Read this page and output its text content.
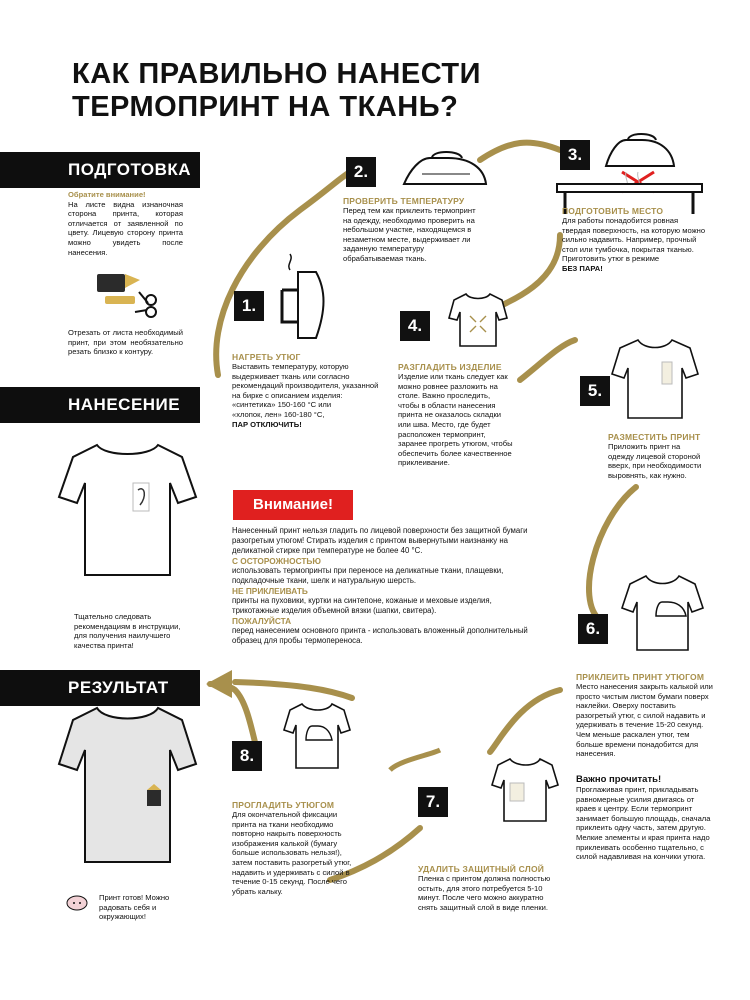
КАК ПРАВИЛЬНО НАНЕСТИ
ТЕРМОПРИНТ НА ТКАНЬ?
ПОДГОТОВКА
НАНЕСЕНИЕ
РЕЗУЛЬТАТ
Обратите внимание!
На листе видна изнаночная сторона принта, которая отличается от заявленной по цвету. Лицевую сторону принта можно увидеть после нанесения.
Отрезать от листа необходимый принт, при этом необязательно резать близко к контуру.
Тщательно следовать рекомендациям в инструкции, для получения наилучшего качества принта!
Принт готов! Можно радовать себя и окружающих!
1.
НАГРЕТЬ УТЮГ
Выставить температуру, которую выдерживает ткань или согласно рекомендаций производителя, указанной на бирке с описанием изделия:
«синтетика» 150-160 °С или
«хлопок, лен» 160-180 °С,
ПАР ОТКЛЮЧИТЬ!
2.
ПРОВЕРИТЬ ТЕМПЕРАТУРУ
Перед тем как приклеить термопринт на одежду, необходимо проверить на небольшом участке, находящемся в незаметном месте, выдерживает ли заданную температуру обрабатываемая ткань.
3.
ПОДГОТОВИТЬ МЕСТО
Для работы понадобится ровная твердая поверхность, на которую можно сильно надавить. Например, прочный стол или тумбочка, покрытая тканью. Приготовить утюг в режиме
БЕЗ ПАРА!
4.
РАЗГЛАДИТЬ ИЗДЕЛИЕ
Изделие или ткань следует как можно ровнее разложить на столе. Важно проследить, чтобы в области нанесения принта не оказалось складки или шва. Место, где будет расположен термопринт, заранее прогреть утюгом, чтобы обеспечить более качественное приклеивание.
5.
РАЗМЕСТИТЬ ПРИНТ
Приложить принт на одежду лицевой стороной вверх, при необходимости выровнять, как нужно.
Внимание!
Нанесенный принт нельзя гладить по лицевой поверхности без защитной бумаги разогретым утюгом! Стирать изделия с принтом вывернутыми наизнанку на деликатной стирке при температуре не более 40 °С.
С ОСТОРОЖНОСТЬЮ
использовать термопринты при переносе на деликатные ткани, плащевки, подкладочные ткани, шелк и натуральную шерсть.
НЕ ПРИКЛЕИВАТЬ
принты на пуховики, куртки на синтепоне, кожаные и меховые изделия, трикотажные изделия объемной вязки (шапки, свитера).
ПОЖАЛУЙСТА
перед нанесением основного принта - использовать вложенный дополнительный образец для пробы термопереноса.
6.
ПРИКЛЕИТЬ ПРИНТ УТЮГОМ
Место нанесения закрыть калькой или просто чистым листом бумаги поверх наклейки. Оверху поставить разогретый утюг, с силой надавить и удерживать в течение 15-20 секунд. Чем меньше раскален утюг, тем больше времени понадобится для нанесения.
Важно прочитать!
Проглаживая принт, прикладывать равномерные усилия двигаясь от краев к центру. Если термопринт занимает большую площадь, сначала приклеить одну часть, затем другую. Мелкие элементы и края принта надо приклеивать особенно тщательно, с силой надавливая на кончики утюга.
7.
УДАЛИТЬ ЗАЩИТНЫЙ СЛОЙ
Пленка с принтом должна полностью остыть, для этого потребуется 5-10 минут. После чего можно аккуратно снять защитный слой в виде пленки.
8.
ПРОГЛАДИТЬ УТЮГОМ
Для окончательной фиксации принта на ткани необходимо повторно накрыть поверхность изображения калькой (бумагу больше использовать нельзя!), затем поставить разогретый утюг, надавить и удерживать с силой в течение 0-15 секунд. После чего убрать кальку.
